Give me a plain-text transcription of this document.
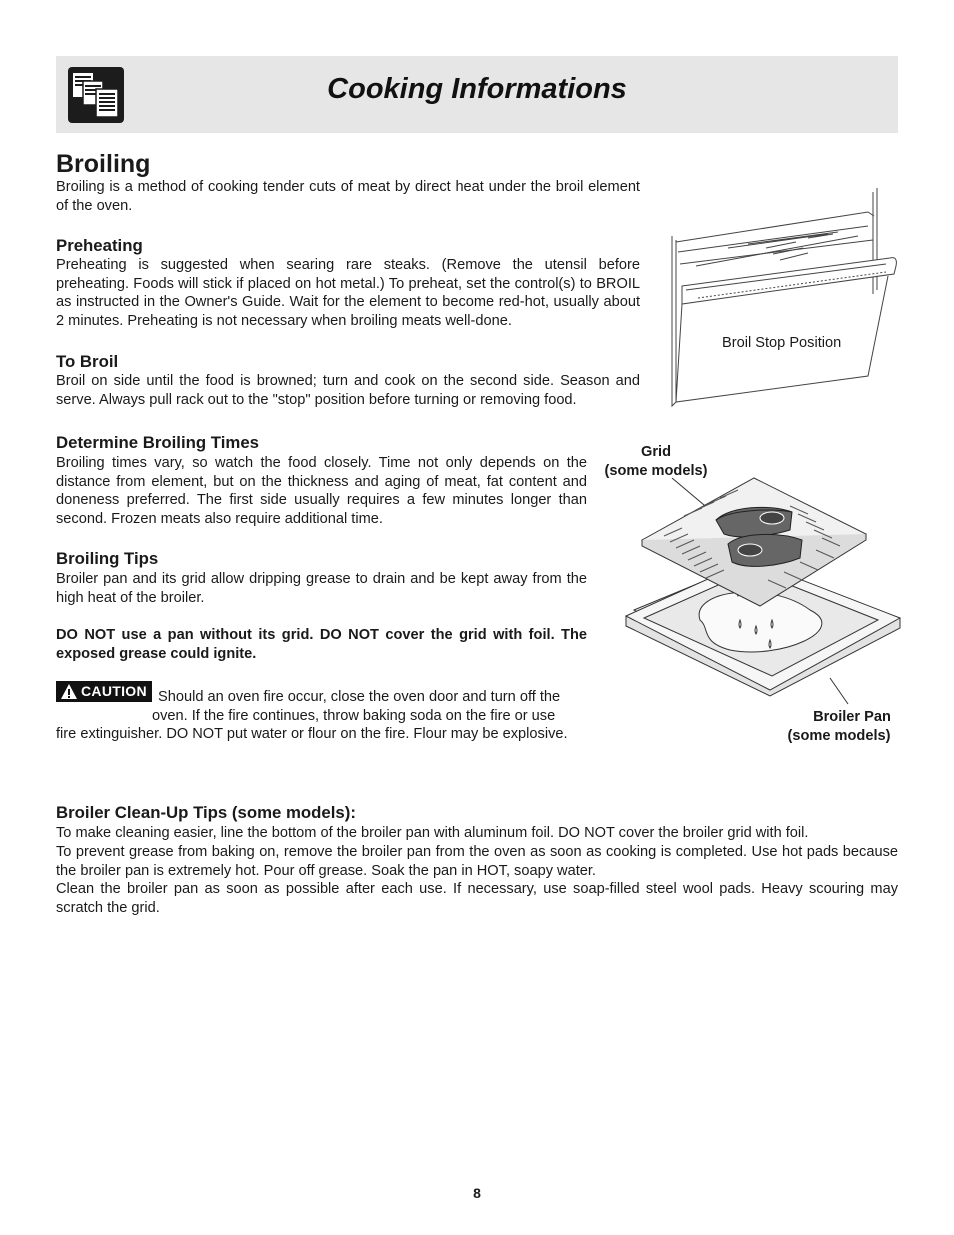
Cooking Informations
Broiling

Broiling is a method of cooking tender cuts of meat by direct heat under the broil element of the oven.

Preheating

Preheating is suggested when searing rare steaks. (Remove the utensil before preheating. Foods will stick if placed on hot metal.) To preheat, set the control(s) to BROIL as instructed in the Owner's Guide. Wait for the element to become red-hot, usually about 2 minutes. Preheating is not necessary when broiling meats well-done.

To Broil

Broil on side until the food is browned; turn and cook on the second side. Season and serve. Always pull rack out to the "stop" position before turning or removing food.

Determine Broiling Times

Broiling times vary, so watch the food closely. Time not only depends on the distance from element, but on the thickness and aging of meat, fat content and doneness preferred. The first side usually requires a few minutes longer than second. Frozen meats also require additional time.

Broiling Tips

Broiler pan and its grid allow dripping grease to drain and be kept away from the high heat of the broiler.

DO NOT use a pan without its grid. DO NOT cover the grid with foil. The exposed grease could ignite.

CAUTION Should an oven fire occur, close the oven door and turn off the

oven. If the fire continues, throw baking soda on the fire or use

fire extinguisher. DO NOT put water or flour on the fire. Flour may be explosive.

Broiler Clean-Up Tips (some models):

To make cleaning easier, line the bottom of the broiler pan with aluminum foil. DO NOT cover the broiler grid with foil.

To prevent grease from baking on, remove the broiler pan from the oven as soon as cooking is completed. Use hot pads because the broiler pan is extremely hot. Pour off grease. Soak the pan in HOT, soapy water.

Clean the broiler pan as soon as possible after each use. If necessary, use soap-filled steel wool pads. Heavy scouring may scratch the grid.

Broil Stop Position

Grid

(some models)

Broiler Pan

(some models)

8
